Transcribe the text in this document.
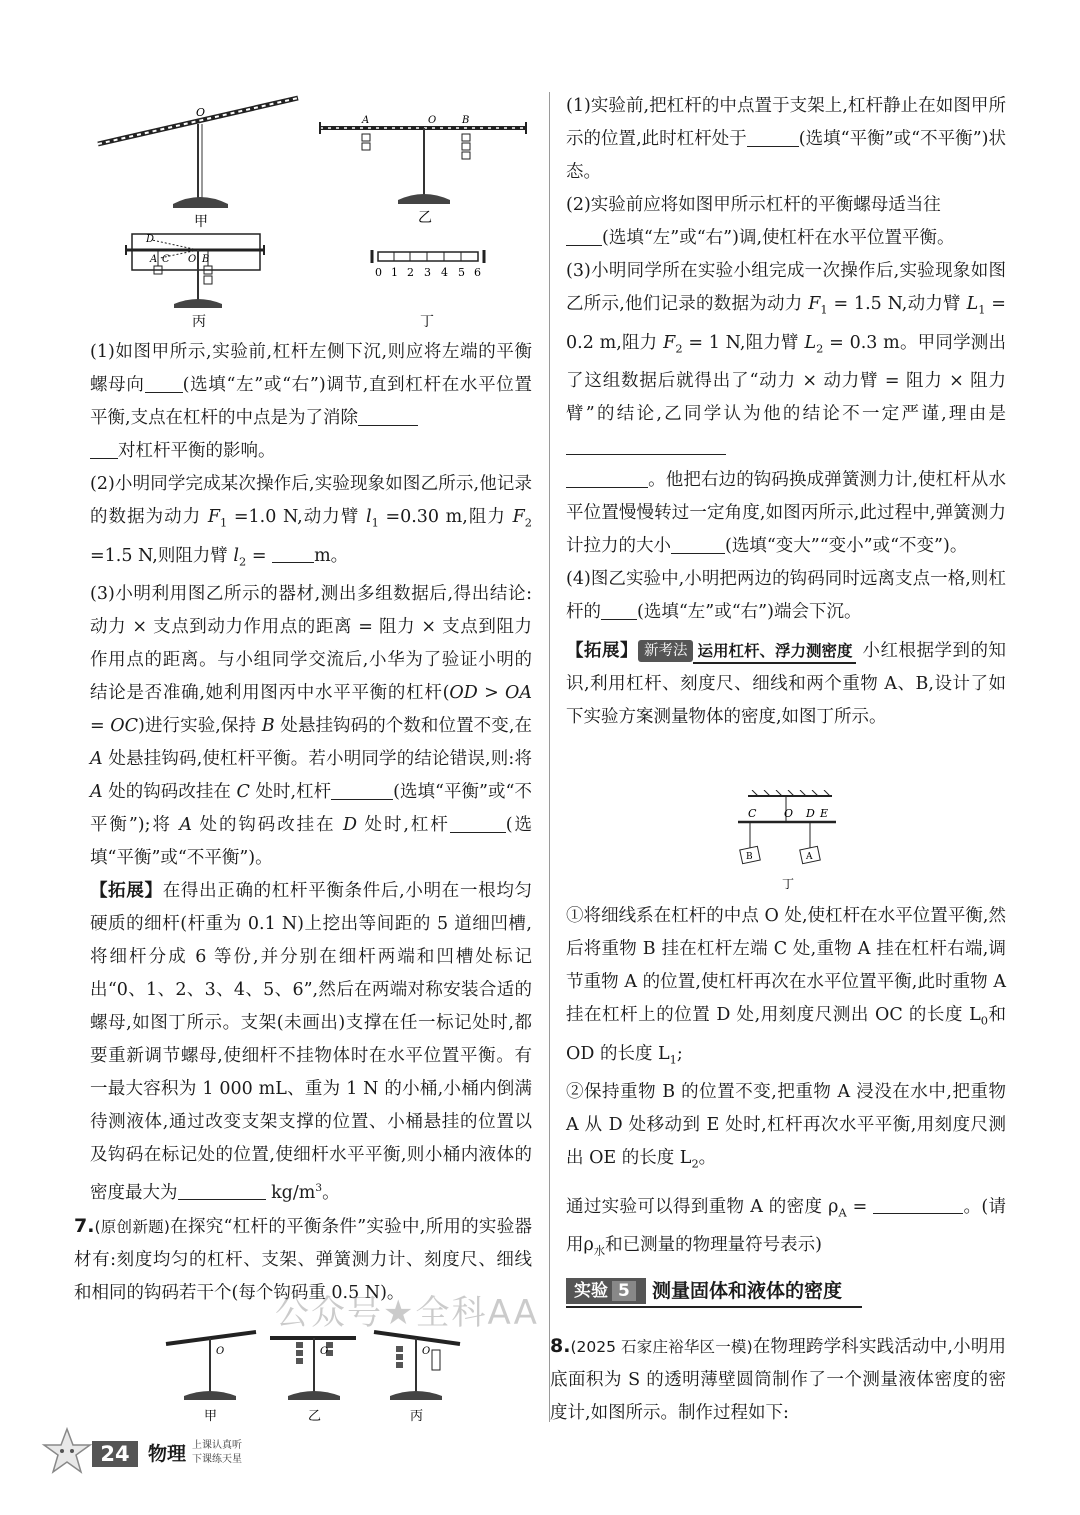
O
甲
A	O	B
乙
D
A C O B
丙
0 1 2 3 4 5 6
丁

(1)如图甲所示,实验前,杠杆左侧下沉,则应将左端的平衡螺母向 (选填“左”或“右”)调节,直到杠杆在水平位置平衡,支点在杠杆的中点是为了消除
对杠杆平衡的影响。

(2)小明同学完成某次操作后,实验现象如图乙所示,他记录的数据为动力 $F_1 =1.0$ N,动力臂 $l_1 =0.30$ m,阻力 $F_2 =1.5$ N,则阻力臂 $l_2$ =	m。

(3)小明利用图乙所示的器材,测出多组数据后,得出结论:动力 × 支点到动力作用点的距离 = 阻力 × 支点到阻力作用点的距离。与小组同学交流后,小华为了验证小明的结论是否准确,她利用图丙中水平平衡的杠杆(OD > OA = OC)进行实验,保持 B 处悬挂钩码的个数和位置不变,在 A 处悬挂钩码,使杠杆平衡。若小明同学的结论错误,则:将 A 处的钩码改挂在 C 处时,杠杆	(选填“平衡”或“不平衡”);将 A 处的钩码改挂在 D 处时,杠杆	(选填“平衡”或“不平衡”)。

【拓展】在得出正确的杠杆平衡条件后,小明在一根均匀硬质的细杆(杆重为 0.1 N)上挖出等间距的 5 道细凹槽,将细杆分成 6 等份,并分别在细杆两端和凹槽处标记出“0、1、2、3、4、5、6”,然后在两端对称安装合适的螺母,如图丁所示。支架(未画出)支撑在任一标记处时,都要重新调节螺母,使细杆不挂物体时在水平位置平衡。有一最大容积为 1 000 mL、重为 1 N 的小桶,小桶内倒满待测液体,通过改变支架支撑的位置、小桶悬挂的位置以及钩码在标记处的位置,使细杆水平平衡,则小桶内液体的密度最大为	$kg/m^3$。

7.(原创新题)在探究“杠杆的平衡条件”实验中,所用的实验器材有:刻度均匀的杠杆、支架、弹簧测力计、刻度尺、细线和相同的钩码若干个(每个钩码重 0.5 N)。

O
甲
O
乙
O
丙

(1)实验前,把杠杆的中点置于支架上,杠杆静止在如图甲所示的位置,此时杠杆处于	(选填“平衡”或“不平衡”)状态。

(2)实验前应将如图甲所示杠杆的平衡螺母适当往
(选填“左”或“右”)调,使杠杆在水平位置平衡。

(3)小明同学所在实验小组完成一次操作后,实验现象如图乙所示,他们记录的数据为动力 $F_1 = 1.5$ N,动力臂 $L_1 = 0.2$ m,阻力 $F_2 = 1$ N,阻力臂 $L_2 = 0.3$ m。甲同学测出了这组数据后就得出了“动力 × 动力臂 = 阻力 × 阻力臂”的结论,乙同学认为他的结论不一定严谨,理由是
。他把右边的钩码换成弹簧测力计,使杠杆从水平位置慢慢转过一定角度,如图丙所示,此过程中,弹簧测力计拉力的大小	(选填“变大”“变小”或“不变”)。

(4)图乙实验中,小明把两边的钩码同时远离支点一格,则杠杆的 (选填“左”或“右”)端会下沉。

【拓展】 新考法 运用杠杆、浮力测密度 小红根据学到的知识,利用杠杆、刻度尺、细线和两个重物 A、B,设计了如下实验方案测量物体的密度,如图丁所示。

C	O D E
B	A
丁

①将细线系在杠杆的中点 O 处,使杠杆在水平位置平衡,然后将重物 B 挂在杠杆左端 C 处,重物 A 挂在杠杆右端,调节重物 A 的位置,使杠杆再次在水平位置平衡,此时重物 A 挂在杠杆上的位置 D 处,用刻度尺测出 OC 的长度 $L_0$和 OD 的长度 $L_1$;

②保持重物 B 的位置不变,把重物 A 浸没在水中,把重物 A 从 D 处移动到 E 处时,杠杆再次水平平衡,用刻度尺测出 OE 的长度 $L_2$。

通过实验可以得到重物 A 的密度 $\rho_A$ =	。(请用$\rho_水$和已测量的物理量符号表示)

实验 5	测量固体和液体的密度

8.(2025 石家庄裕华区一模)在物理跨学科实践活动中,小明用底面积为 S 的透明薄壁圆筒制作了一个测量液体密度的密度计,如图所示。制作过程如下:

公众号★全科AA
24 物理 上课认真听
下课练天星
